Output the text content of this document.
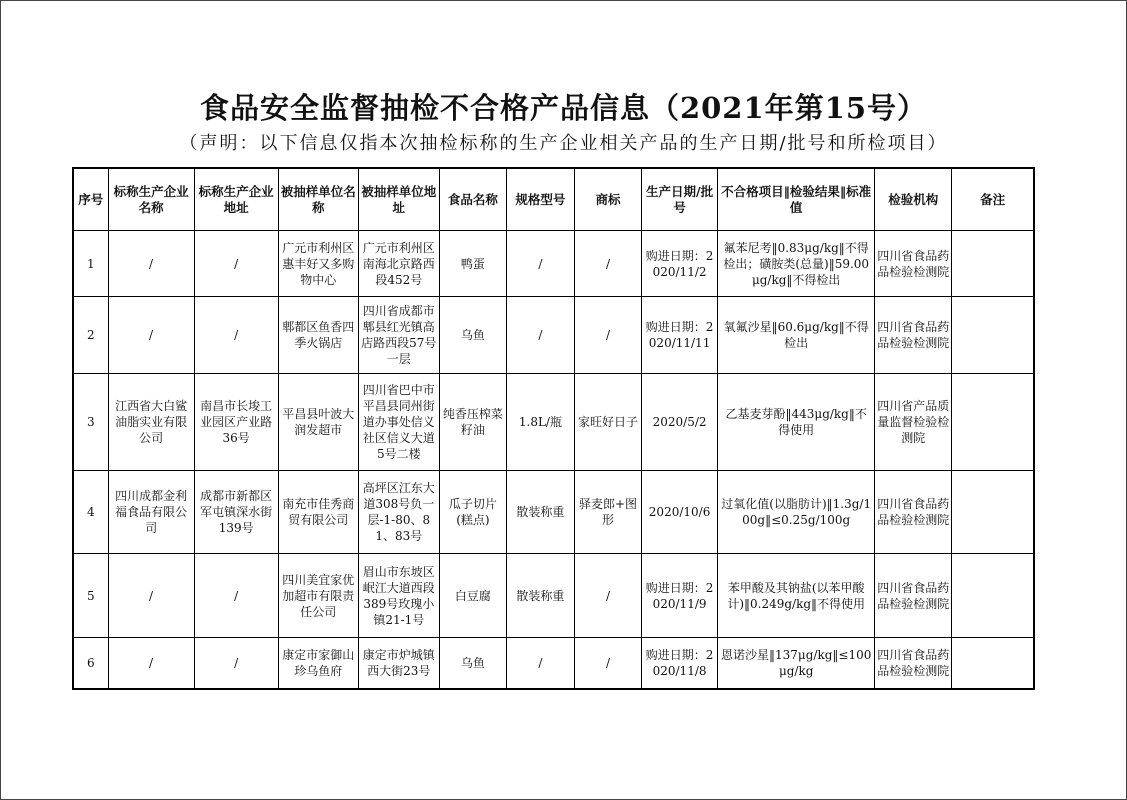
食品安全监督抽检不合格产品信息（2021年第15号）
（声明：以下信息仅指本次抽检标称的生产企业相关产品的生产日期/批号和所检项目）
序号	标称生产企业名称	标称生产企业地址	被抽样单位名称	被抽样单位地址	食品名称	规格型号	商标	生产日期/批号	不合格项目‖检验结果‖标准值	检验机构	备注
1	/	/	广元市利州区惠丰好又多购物中心	广元市利州区南海北京路西段452号	鸭蛋	/	/	购进日期：2020/11/2	氟苯尼考‖0.83μg/kg‖不得检出；磺胺类(总量)‖59.00μg/kg‖不得检出	四川省食品药品检验检测院	
2	/	/	郫都区鱼香四季火锅店	四川省成都市郫县红光镇高店路西段57号一层	乌鱼	/	/	购进日期：2020/11/11	氧氟沙星‖60.6μg/kg‖不得检出	四川省食品药品检验检测院	
3	江西省大白鲨油脂实业有限公司	南昌市长埈工业园区产业路36号	平昌县叶波大润发超市	四川省巴中市平昌县同州街道办事处信义社区信义大道5号二楼	纯香压榨菜籽油	1.8L/瓶	家旺好日子	2020/5/2	乙基麦芽酚‖443μg/kg‖不得使用	四川省产品质量监督检验检测院	
4	四川成都金利福食品有限公司	成都市新都区军屯镇深水街139号	南充市佳秀商贸有限公司	高坪区江东大道308号负一层-1-80、81、83号	瓜子切片(糕点)	散装称重	驿麦郎+图形	2020/10/6	过氧化值(以脂肪计)‖1.3g/100g‖≤0.25g/100g	四川省食品药品检验检测院	
5	/	/	四川美宜家优加超市有限责任公司	眉山市东坡区岷江大道西段389号玫瑰小镇21-1号	白豆腐	散装称重	/	购进日期：2020/11/9	苯甲酸及其钠盐(以苯甲酸计)‖0.249g/kg‖不得使用	四川省食品药品检验检测院	
6	/	/	康定市家御山珍乌鱼府	康定市炉城镇西大街23号	乌鱼	/	/	购进日期：2020/11/8	恩诺沙星‖137μg/kg‖≤100μg/kg	四川省食品药品检验检测院	
